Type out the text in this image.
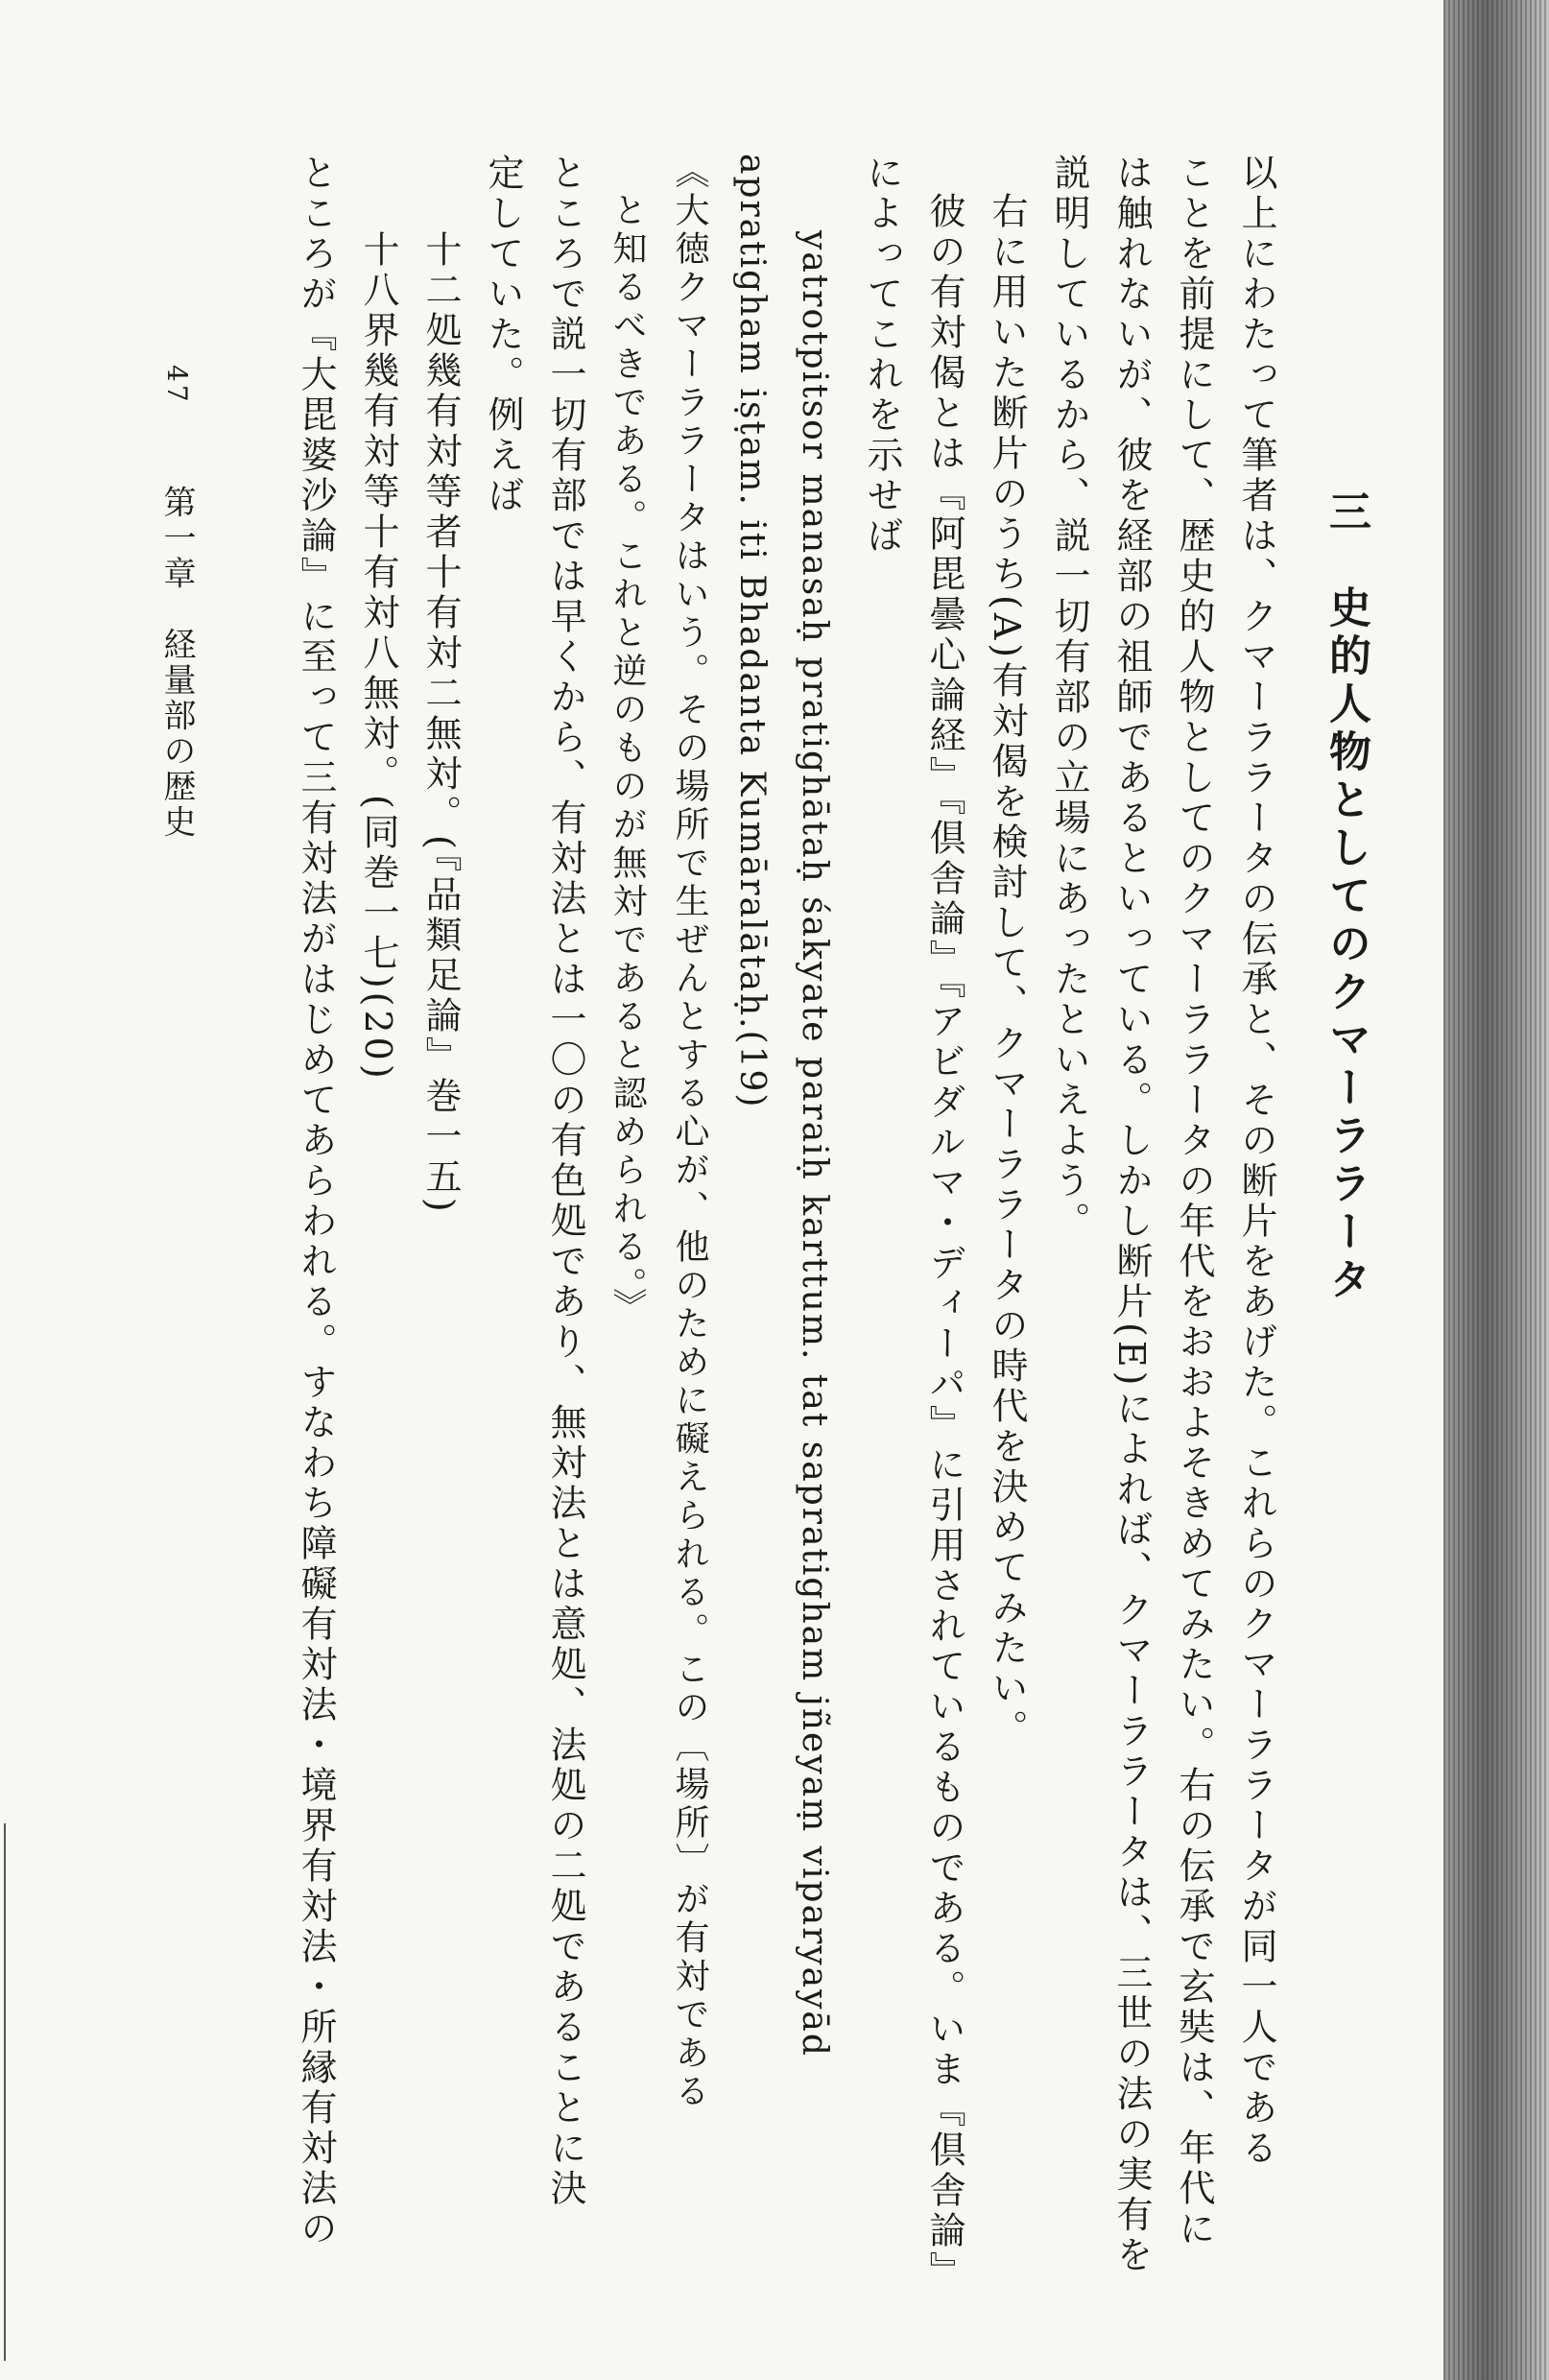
47 第一章　経量部の歴史	三　史的人物としてのクマーララータ
以上にわたって筆者は、クマーララータの伝承と、その断片をあげた。これらのクマーララータが同一人である
ことを前提にして、歴史的人物としてのクマーララータの年代をおおよそきめてみたい。右の伝承で玄奘は、年代に
は触れないが、彼を経部の祖師であるといっている。しかし断片(E)によれば、クマーララータは、三世の法の実有を
説明しているから、説一切有部の立場にあったといえよう。
右に用いた断片のうち(A)有対偈を検討して、クマーララータの時代を決めてみたい。
彼の有対偈とは『阿毘曇心論経』『倶舎論』『アビダルマ・ディーパ』に引用されているものである。いま『倶舎論』
によってこれを示せば
yatrotpitsor manasaḥ pratighātaḥ śakyate paraiḥ karttum. tat sapratigham jñeyaṃ viparyayād
apratigham iṣṭam. iti Bhadanta Kumāralātaḥ.(19)
《大徳クマーララータはいう。その場所で生ぜんとする心が、他のために礙えられる。この〔場所〕が有対である
と知るべきである。これと逆のものが無対であると認められる。》
ところで説一切有部では早くから、有対法とは一〇の有色処であり、無対法とは意処、法処の二処であることに決
定していた。例えば
十二処幾有対等者十有対二無対。(『品類足論』巻一五)
十八界幾有対等十有対八無対。(同巻一七)(20)
ところが『大毘婆沙論』に至って三有対法がはじめてあらわれる。すなわち障礙有対法・境界有対法・所縁有対法の
